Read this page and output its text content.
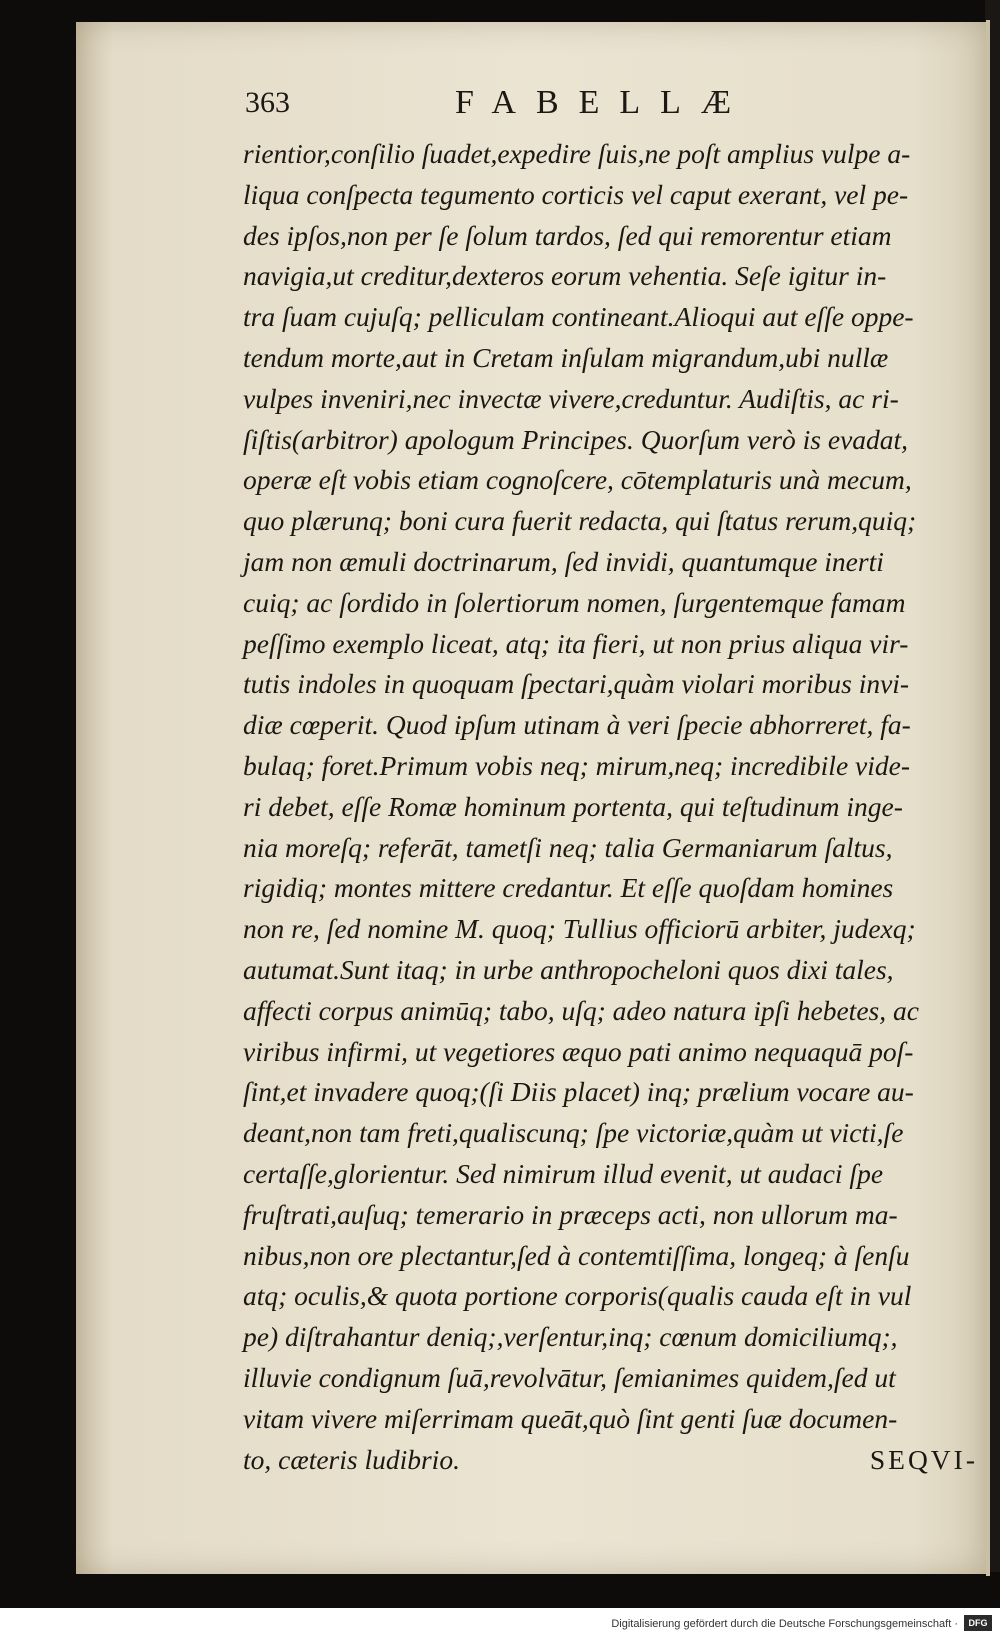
363	FABELLÆ
rientior,conſilio ſuadet,expedire ſuis,ne poſt amplius vulpe a-
liqua conſpecta tegumento corticis vel caput exerant, vel pe-
des ipſos,non per ſe ſolum tardos, ſed qui remorentur etiam
navigia,ut creditur,dexteros eorum vehentia. Seſe igitur in-
tra ſuam cujuſq; pelliculam contineant.Alioqui aut eſſe oppe-
tendum morte,aut in Cretam inſulam migrandum,ubi nullæ
vulpes inveniri,nec invectæ vivere,creduntur. Audiſtis, ac ri-
ſiſtis(arbitror) apologum Principes. Quorſum verò is evadat,
operæ eſt vobis etiam cognoſcere, cōtemplaturis unà mecum,
quo plærunq; boni cura fuerit redacta, qui ſtatus rerum,quiq;
jam non æmuli doctrinarum, ſed invidi, quantumque inerti
cuiq; ac ſordido in ſolertiorum nomen, ſurgentemque famam
peſſimo exemplo liceat, atq; ita fieri, ut non prius aliqua vir-
tutis indoles in quoquam ſpectari,quàm violari moribus invi-
diæ cœperit. Quod ipſum utinam à veri ſpecie abhorreret, fa-
bulaq; foret.Primum vobis neq; mirum,neq; incredibile vide-
ri debet, eſſe Romæ hominum portenta, qui teſtudinum inge-
nia moreſq; referāt, tametſi neq; talia Germaniarum ſaltus,
rigidiq; montes mittere credantur. Et eſſe quoſdam homines
non re, ſed nomine M. quoq; Tullius officiorū arbiter, judexq;
autumat.Sunt itaq; in urbe anthropocheloni quos dixi tales,
affecti corpus animūq; tabo, uſq; adeo natura ipſi hebetes, ac
viribus infirmi, ut vegetiores æquo pati animo nequaquā poſ-
ſint,et invadere quoq;(ſi Diis placet) inq; prælium vocare au-
deant,non tam freti,qualiscunq; ſpe victoriæ,quàm ut victi,ſe
certaſſe,glorientur. Sed nimirum illud evenit, ut audaci ſpe
fruſtrati,auſuq; temerario in præceps acti, non ullorum ma-
nibus,non ore plectantur,ſed à contemtiſſima, longeq; à ſenſu
atq; oculis,& quota portione corporis(qualis cauda eſt in vul
pe) diſtrahantur deniq;,verſentur,inq; cœnum domiciliumq;,
illuvie condignum ſuā,revolvātur, ſemianimes quidem,ſed ut
vitam vivere miſerrimam queāt,quò ſint genti ſuæ documen-
to, cæteris ludibrio.	SEQVI-
Digitalisierung gefördert durch die Deutsche Forschungsgemeinschaft ·	DFG
